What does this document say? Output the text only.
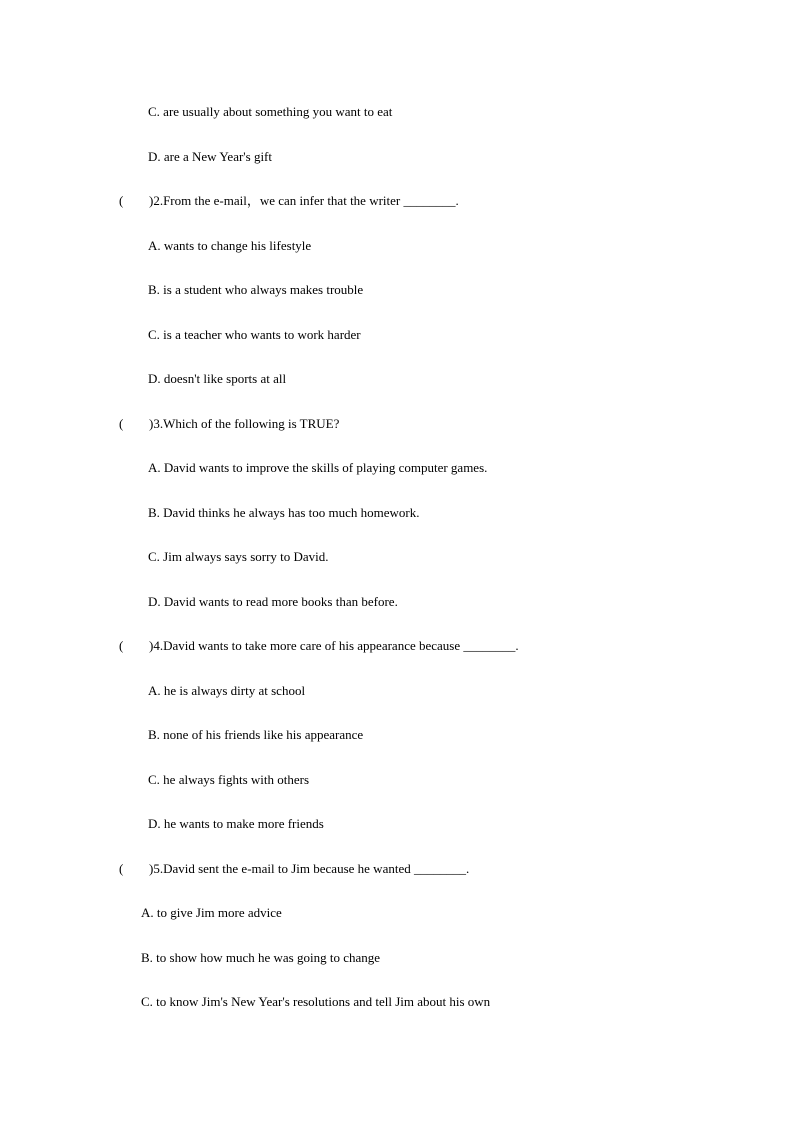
C. are usually about something you want to eat
D. are a New Year's gift
( )2.From the e-mail，we can infer that the writer ________.
A. wants to change his lifestyle
B. is a student who always makes trouble
C. is a teacher who wants to work harder
D. doesn't like sports at all
( )3.Which of the following is TRUE?
A. David wants to improve the skills of playing computer games.
B. David thinks he always has too much homework.
C. Jim always says sorry to David.
D. David wants to read more books than before.
( )4.David wants to take more care of his appearance because ________.
A. he is always dirty at school
B. none of his friends like his appearance
C. he always fights with others
D. he wants to make more friends
( )5.David sent the e-mail to Jim because he wanted ________.
A. to give Jim more advice
B. to show how much he was going to change
C. to know Jim's New Year's resolutions and tell Jim about his own
